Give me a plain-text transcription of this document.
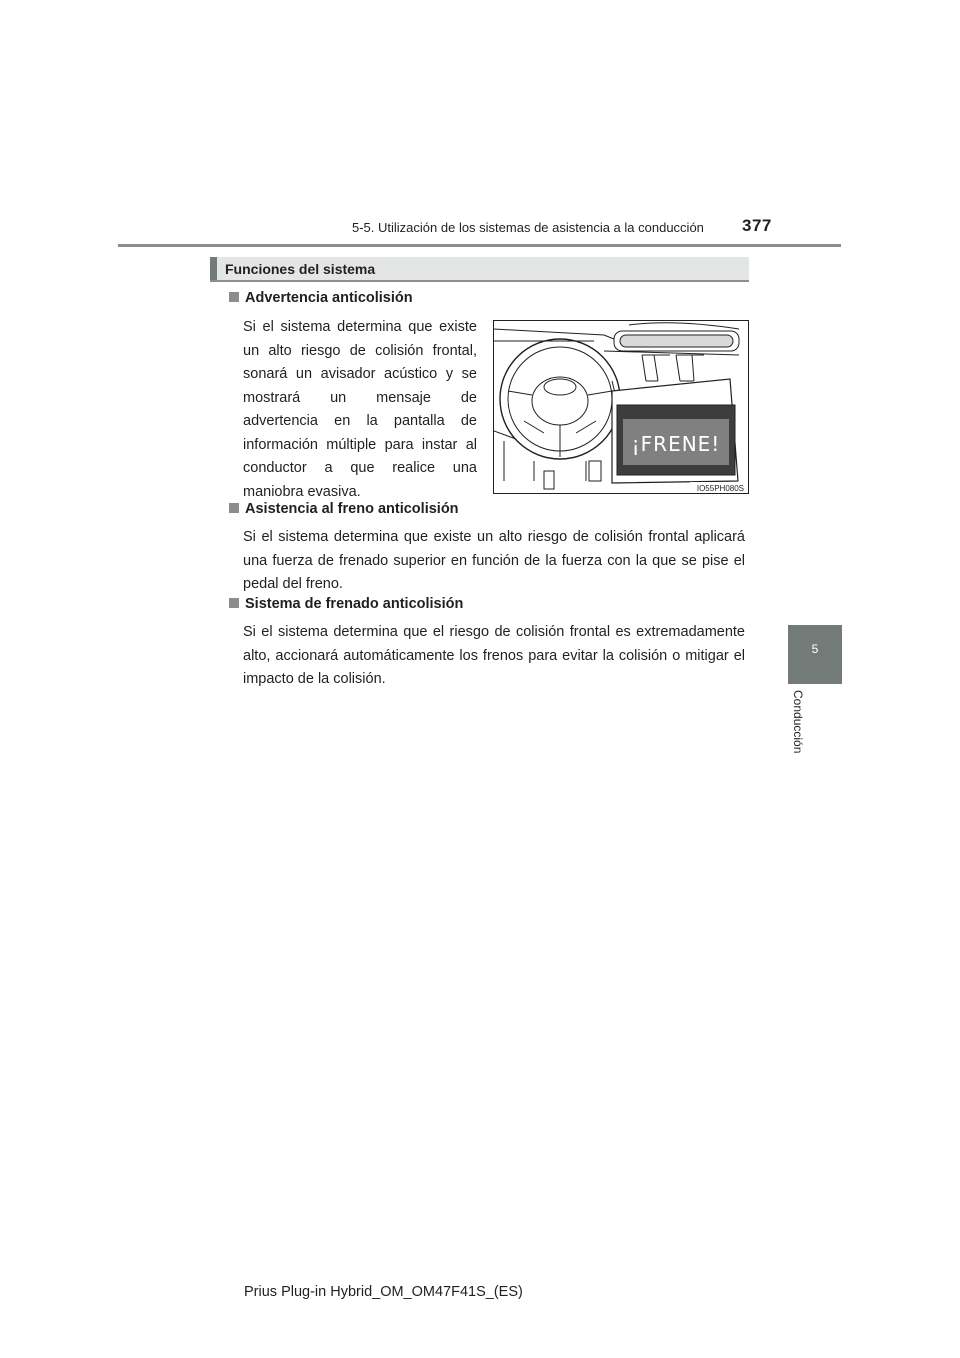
5-5. Utilización de los sistemas de asistencia a la conducción 377
5
Conducción
Funciones del sistema
Advertencia anticolisión
Si el sistema determina que existe un alto riesgo de colisión frontal, sonará un avisador acústico y se mostrará un mensaje de advertencia en la pantalla de información múltiple para instar al conductor a que realice una maniobra evasiva.
¡FRENE!
IO55PH080S
Asistencia al freno anticolisión
Si el sistema determina que existe un alto riesgo de colisión frontal aplicará una fuerza de frenado superior en función de la fuerza con la que se pise el pedal del freno.
Sistema de frenado anticolisión
Si el sistema determina que el riesgo de colisión frontal es extremadamente alto, accionará automáticamente los frenos para evitar la colisión o mitigar el impacto de la colisión.
Prius Plug-in Hybrid_OM_OM47F41S_(ES)
